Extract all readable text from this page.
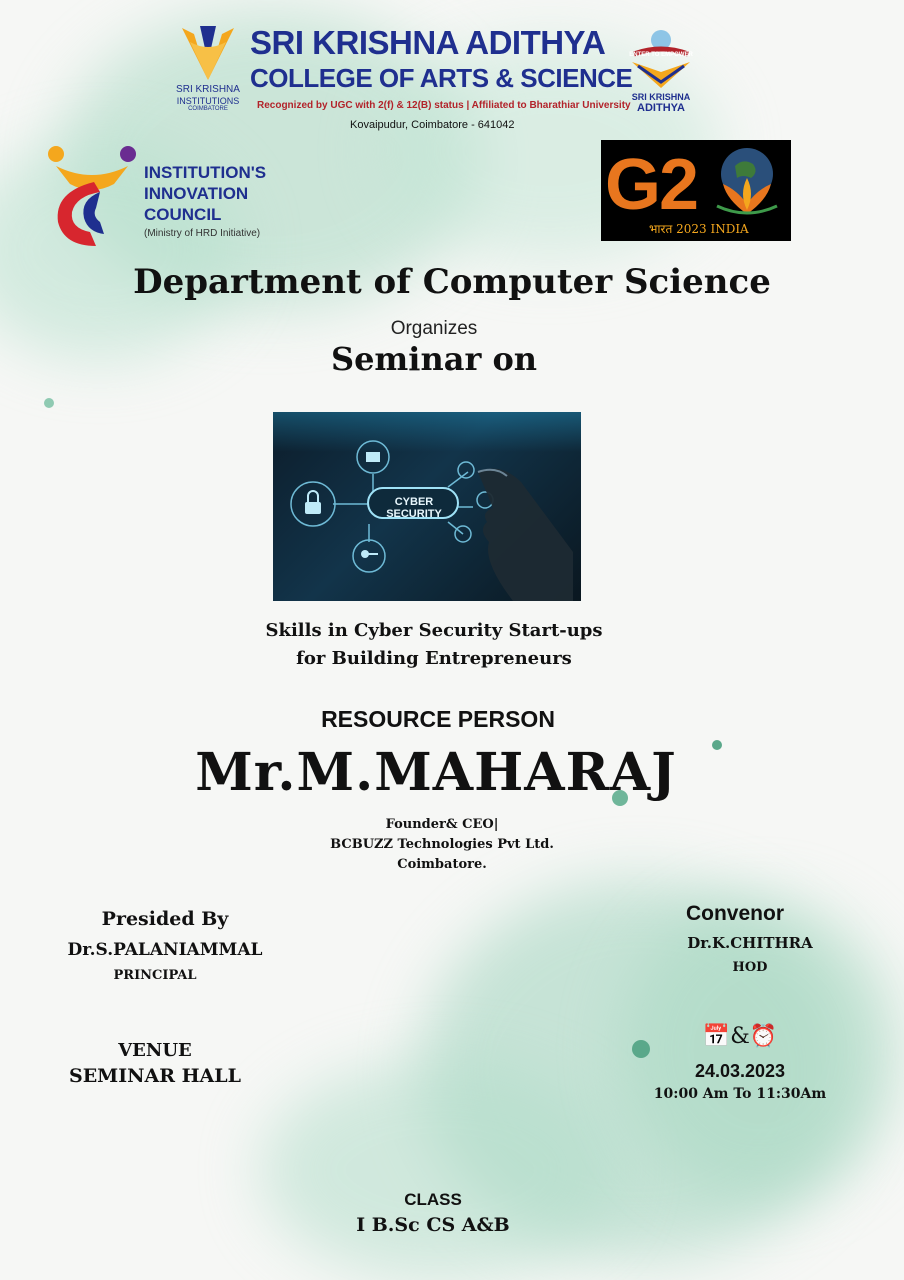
SRI KRISHNA
INSTITUTIONS
COIMBATORE
SRI KRISHNA ADITHYA
COLLEGE OF ARTS & SCIENCE
Recognized by UGC with 2(f) & 12(B) status | Affiliated to Bharathiar University
Kovaipudur, Coimbatore - 641042
ENTER TO EMPOWER
SRI KRISHNA
ADITHYA
INSTITUTION'S
INNOVATION
COUNCIL
(Ministry of HRD Initiative)
G2
भारत 2023 INDIA
Department of Computer Science
Organizes
Seminar on
CYBER SECURITY
Skills in Cyber Security Start-ups
for Building Entrepreneurs
RESOURCE PERSON
Mr.M.MAHARAJ
Founder& CEO|
BCBUZZ Technologies Pvt Ltd.
Coimbatore.
Presided By
Dr.S.PALANIAMMAL
PRINCIPAL
Convenor
Dr.K.CHITHRA
HOD
VENUE
SEMINAR HALL
📅&⏰
24.03.2023
10:00 Am To 11:30Am
CLASS
I B.Sc CS A&B
